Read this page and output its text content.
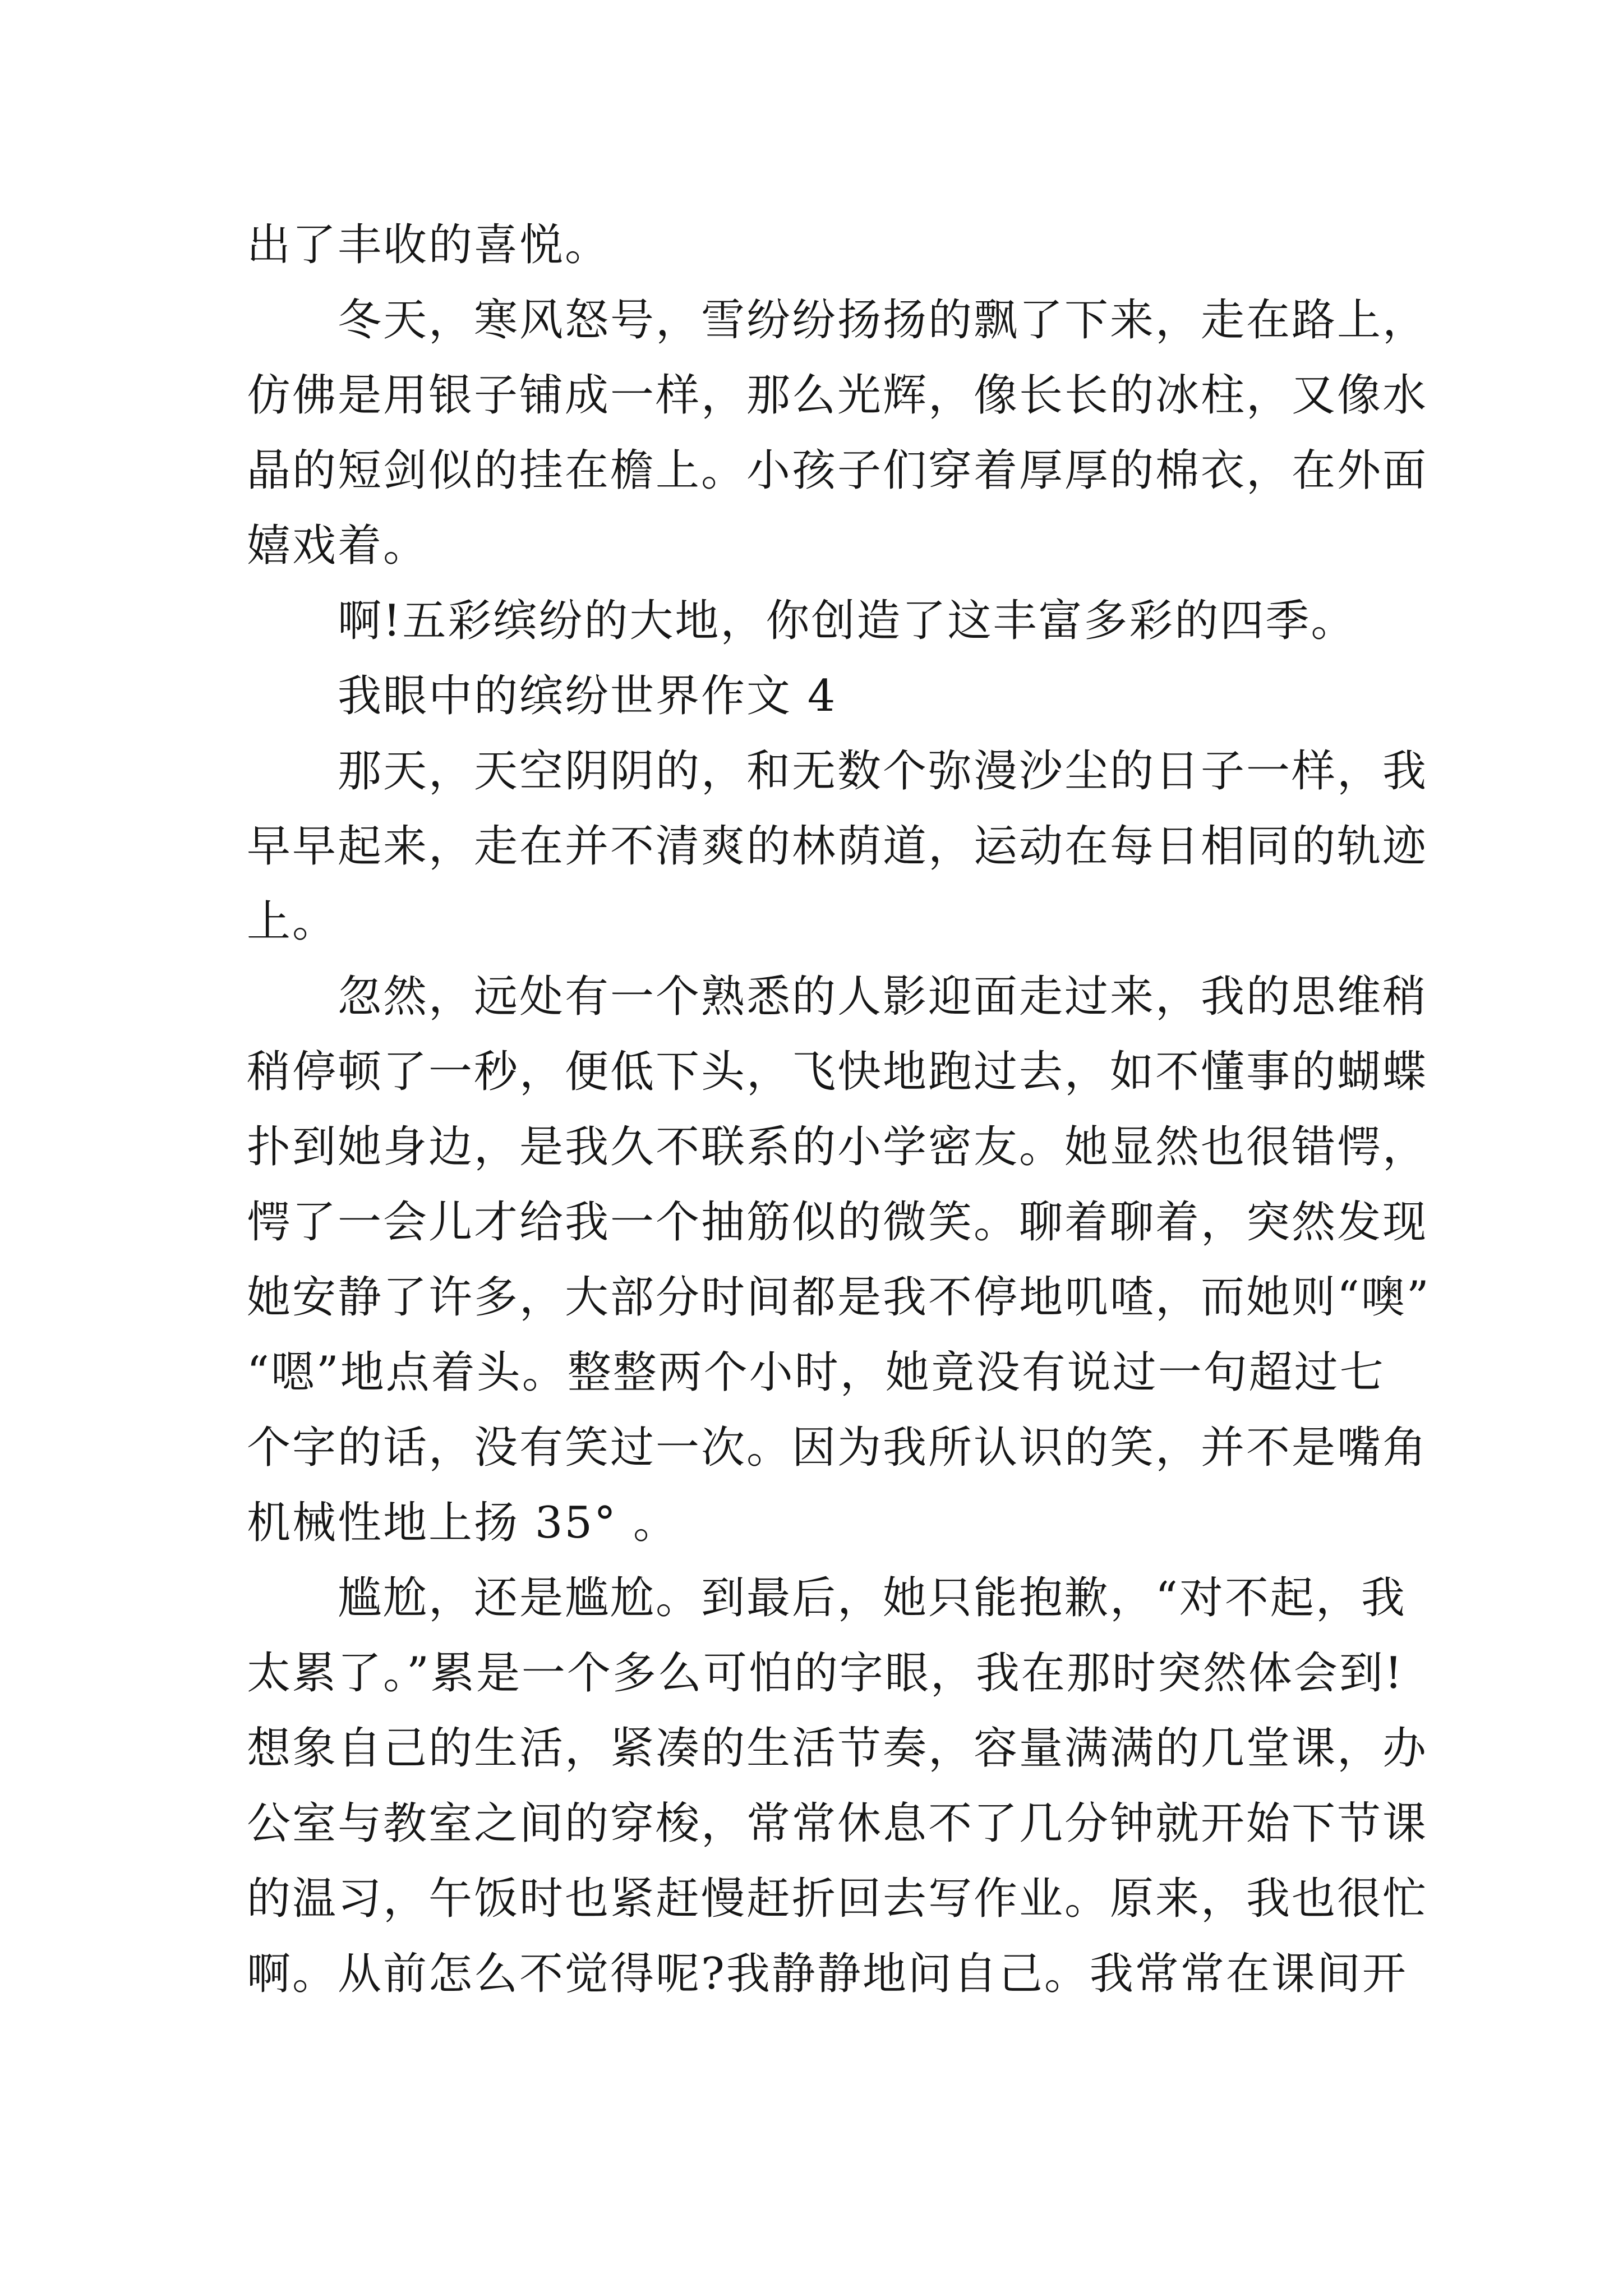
出了丰收的喜悦。
　　冬天，寒风怒号，雪纷纷扬扬的飘了下来，走在路上，
仿佛是用银子铺成一样，那么光辉，像长长的冰柱，又像水
晶的短剑似的挂在檐上。小孩子们穿着厚厚的棉衣，在外面
嬉戏着。
　　啊!五彩缤纷的大地，你创造了这丰富多彩的四季。
　　我眼中的缤纷世界作文 4
　　那天，天空阴阴的，和无数个弥漫沙尘的日子一样，我
早早起来，走在并不清爽的林荫道，运动在每日相同的轨迹
上。
　　忽然，远处有一个熟悉的人影迎面走过来，我的思维稍
稍停顿了一秒，便低下头，飞快地跑过去，如不懂事的蝴蝶
扑到她身边，是我久不联系的小学密友。她显然也很错愕，
愕了一会儿才给我一个抽筋似的微笑。聊着聊着，突然发现
她安静了许多，大部分时间都是我不停地叽喳，而她则“噢”
“嗯”地点着头。整整两个小时，她竟没有说过一句超过七
个字的话，没有笑过一次。因为我所认识的笑，并不是嘴角
机械性地上扬 35° 。
　　尴尬，还是尴尬。到最后，她只能抱歉，“对不起，我
太累了。”累是一个多么可怕的字眼，我在那时突然体会到!
想象自己的生活，紧凑的生活节奏，容量满满的几堂课，办
公室与教室之间的穿梭，常常休息不了几分钟就开始下节课
的温习，午饭时也紧赶慢赶折回去写作业。原来，我也很忙
啊。从前怎么不觉得呢?我静静地问自己。我常常在课间开
